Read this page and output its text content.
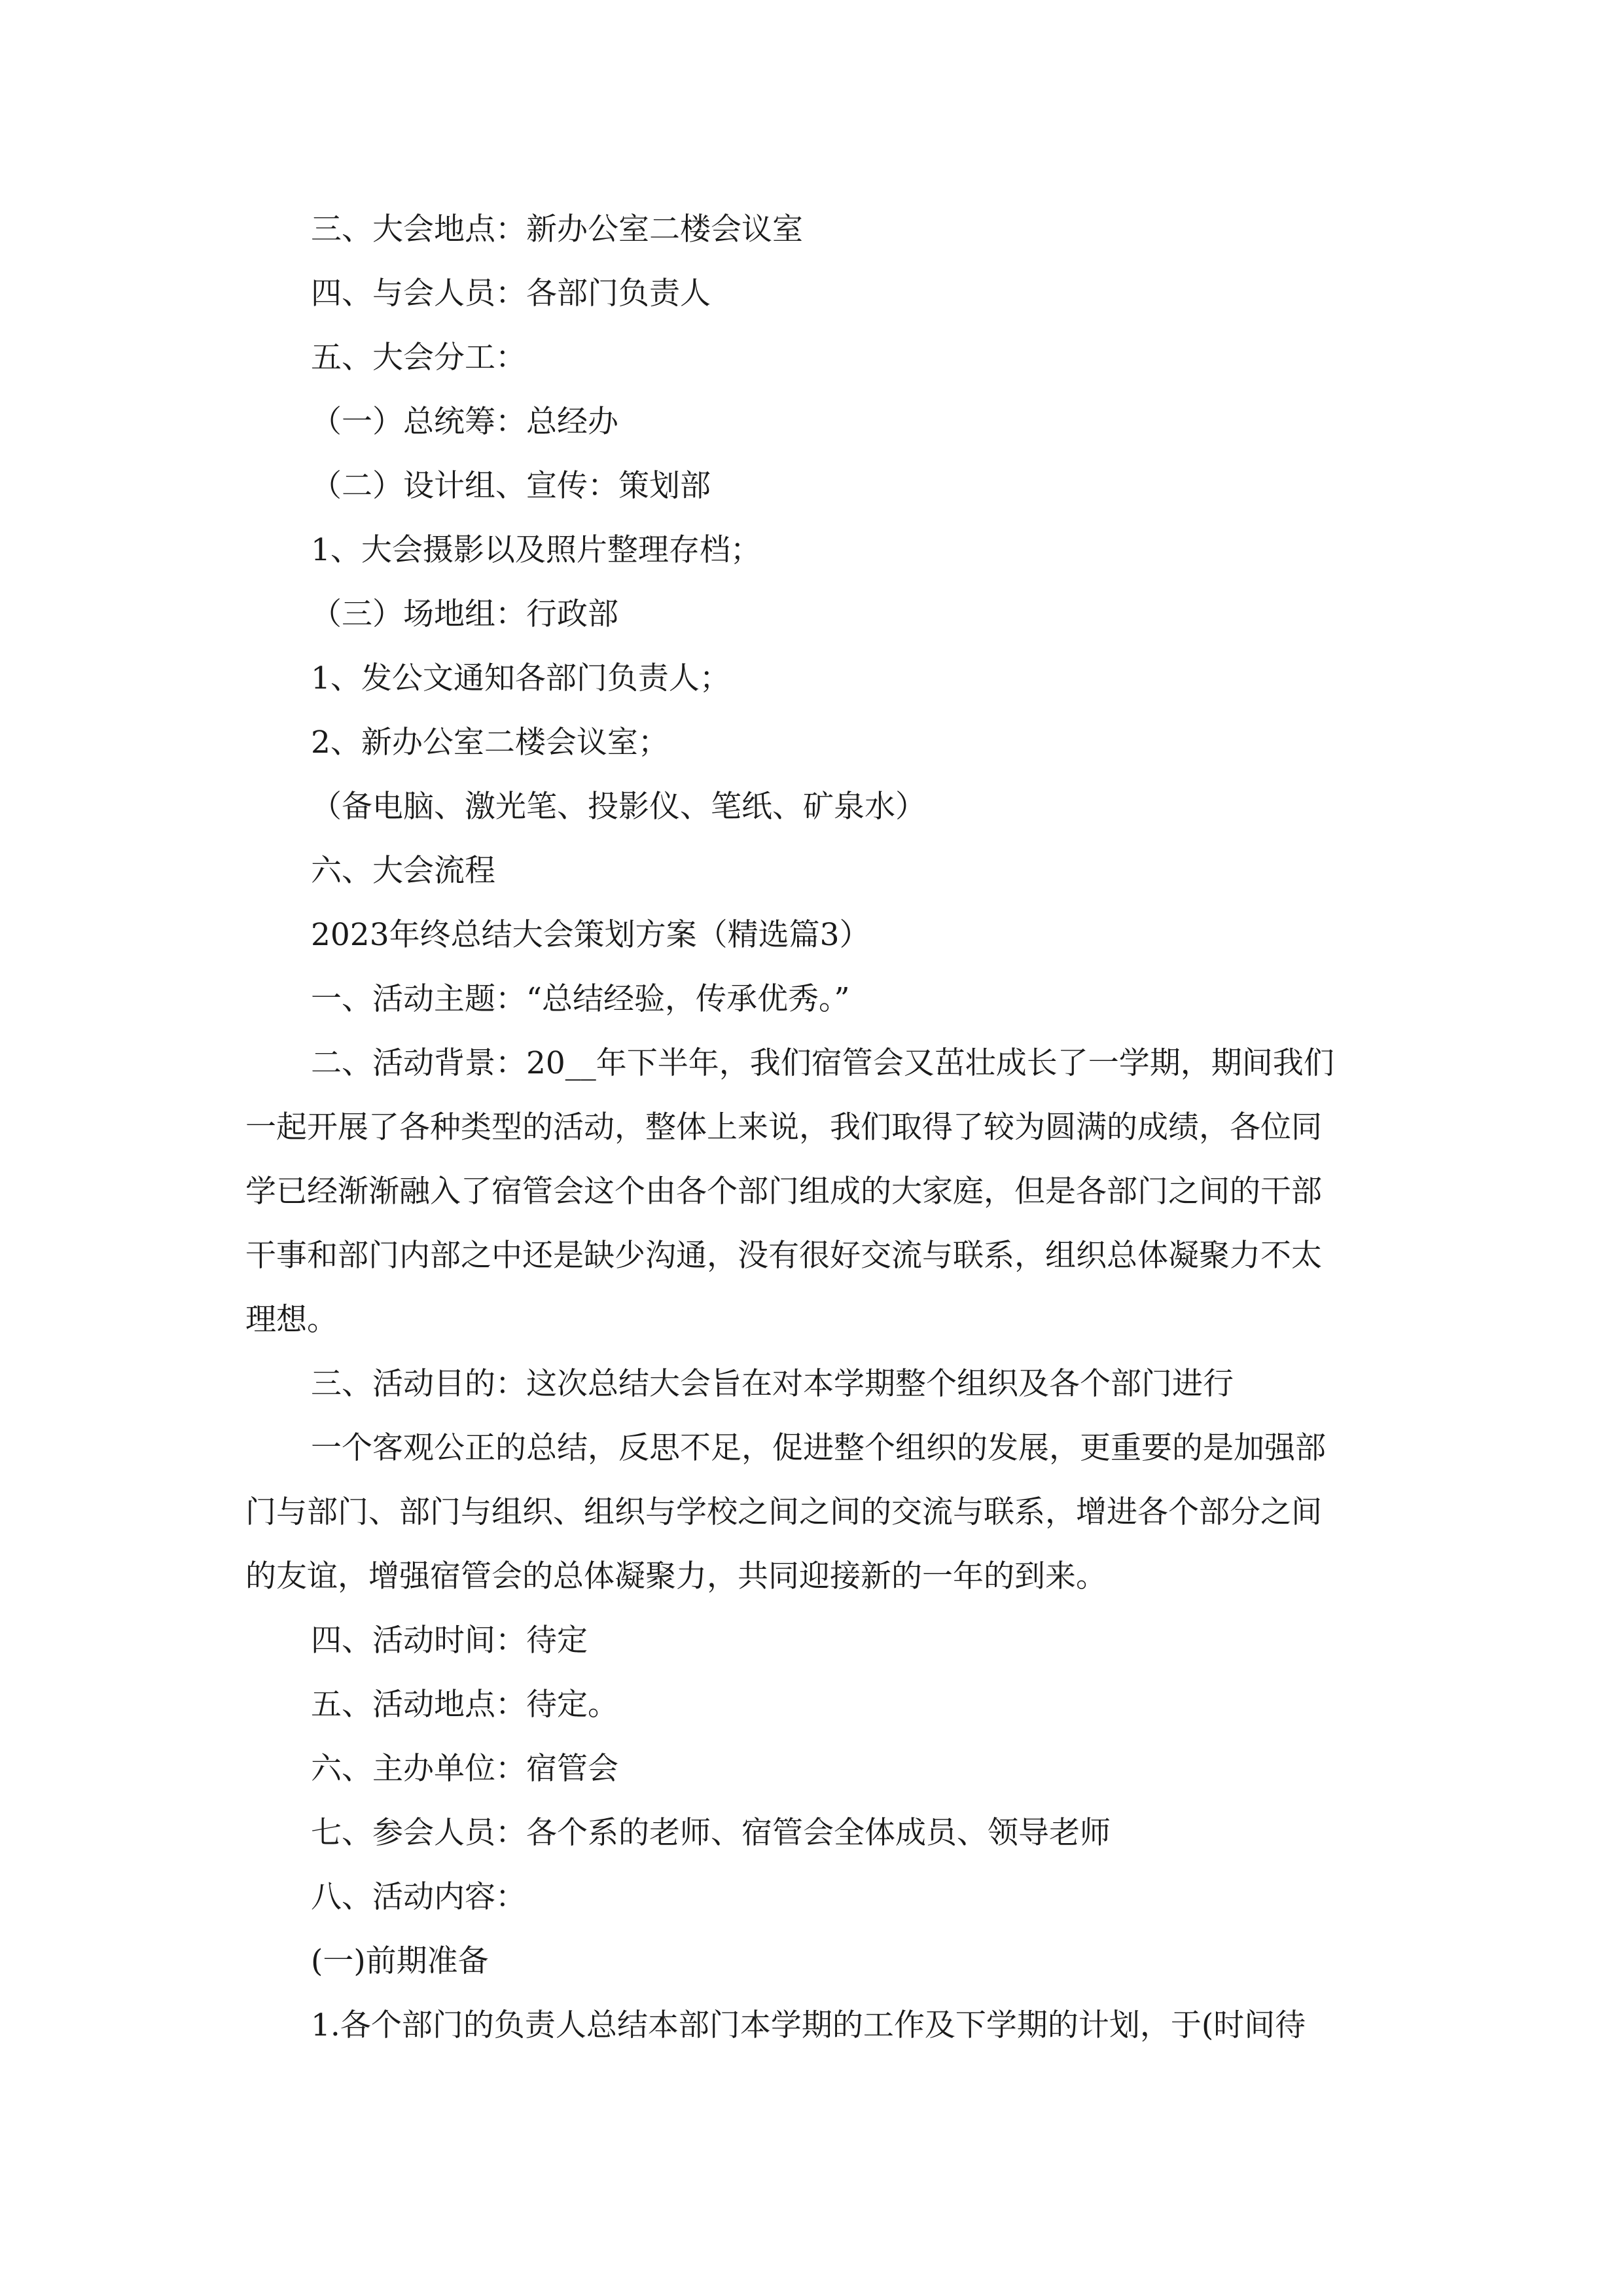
三、大会地点：新办公室二楼会议室
四、与会人员：各部门负责人
五、大会分工：
（一）总统筹：总经办
（二）设计组、宣传：策划部
1、大会摄影以及照片整理存档；
（三）场地组：行政部
1、发公文通知各部门负责人；
2、新办公室二楼会议室；
（备电脑、激光笔、投影仪、笔纸、矿泉水）
六、大会流程
2023年终总结大会策划方案（精选篇3）
一、活动主题：“总结经验，传承优秀。”
二、活动背景：20__年下半年，我们宿管会又茁壮成长了一学期，期间我们
一起开展了各种类型的活动，整体上来说，我们取得了较为圆满的成绩，各位同
学已经渐渐融入了宿管会这个由各个部门组成的大家庭，但是各部门之间的干部
干事和部门内部之中还是缺少沟通，没有很好交流与联系，组织总体凝聚力不太
理想。
三、活动目的：这次总结大会旨在对本学期整个组织及各个部门进行
一个客观公正的总结，反思不足，促进整个组织的发展，更重要的是加强部
门与部门、部门与组织、组织与学校之间之间的交流与联系，增进各个部分之间
的友谊，增强宿管会的总体凝聚力，共同迎接新的一年的到来。
四、活动时间：待定
五、活动地点：待定。
六、主办单位：宿管会
七、参会人员：各个系的老师、宿管会全体成员、领导老师
八、活动内容：
(一)前期准备
1.各个部门的负责人总结本部门本学期的工作及下学期的计划，于(时间待
